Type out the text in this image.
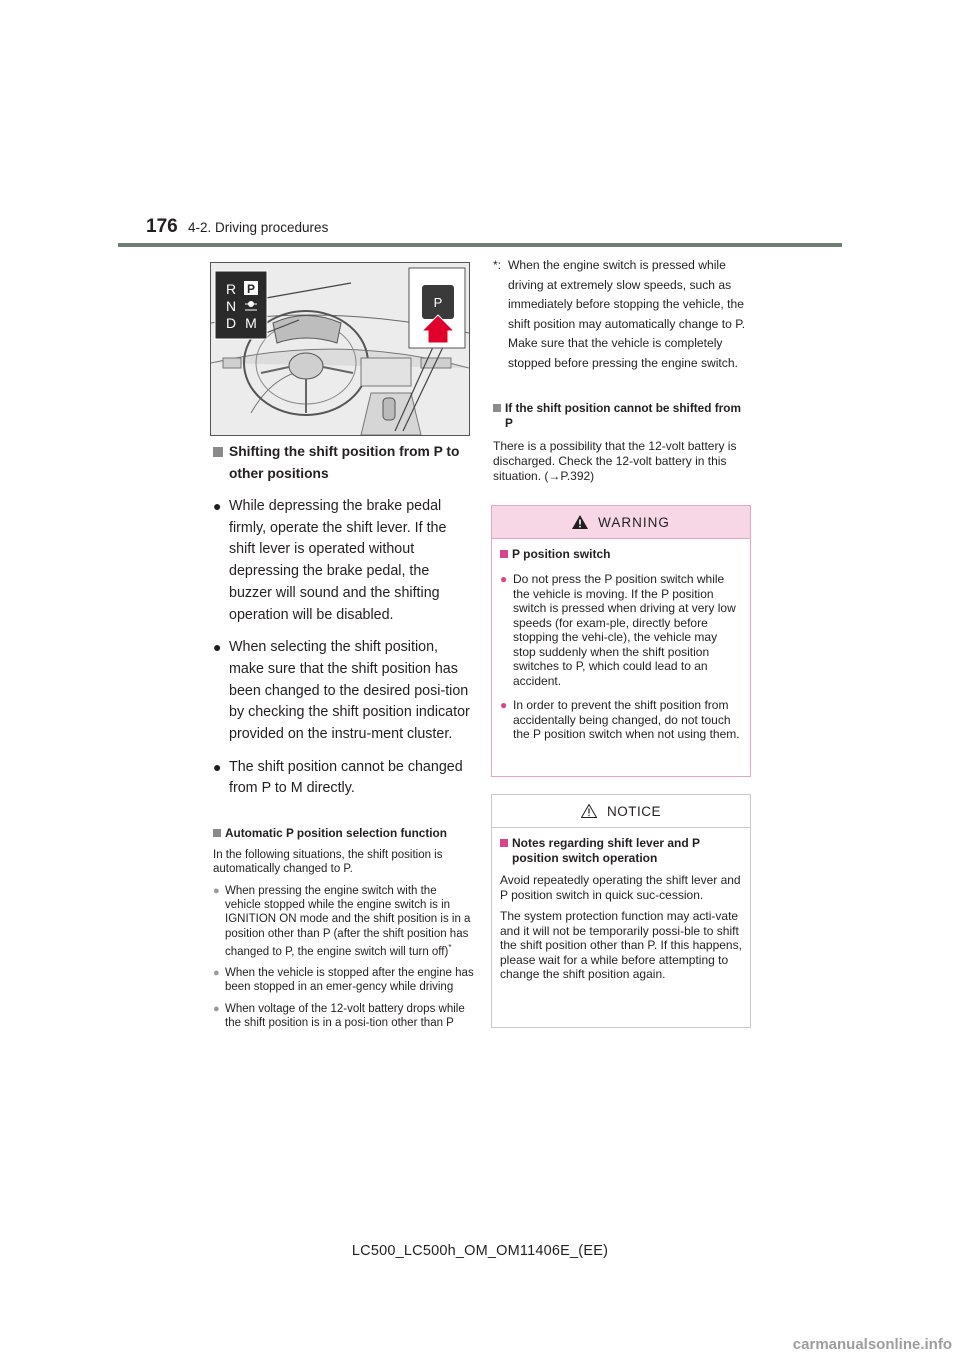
176 4-2. Driving procedures
R
N
D
P
M
P
Shifting the shift position from P to other positions
● While depressing the brake pedal firmly, operate the shift lever. If the shift lever is operated without depressing the brake pedal, the buzzer will sound and the shifting operation will be disabled.
● When selecting the shift position, make sure that the shift position has been changed to the desired posi-tion by checking the shift position indicator provided on the instru-ment cluster.
● The shift position cannot be changed from P to M directly.
Automatic P position selection function
In the following situations, the shift position is automatically changed to P.
● When pressing the engine switch with the vehicle stopped while the engine switch is in IGNITION ON mode and the shift position is in a position other than P (after the shift position has changed to P, the engine switch will turn off)*
● When the vehicle is stopped after the engine has been stopped in an emer-gency while driving
● When voltage of the 12-volt battery drops while the shift position is in a posi-tion other than P
*: When the engine switch is pressed while driving at extremely slow speeds, such as immediately before stopping the vehicle, the shift position may automatically change to P. Make sure that the vehicle is completely stopped before pressing the engine switch.
If the shift position cannot be shifted from P
There is a possibility that the 12-volt battery is discharged. Check the 12-volt battery in this situation. (→P.392)
WARNING
P position switch
● Do not press the P position switch while the vehicle is moving. If the P position switch is pressed when driving at very low speeds (for exam-ple, directly before stopping the vehi-cle), the vehicle may stop suddenly when the shift position switches to P, which could lead to an accident.
● In order to prevent the shift position from accidentally being changed, do not touch the P position switch when not using them.
NOTICE
Notes regarding shift lever and P position switch operation
Avoid repeatedly operating the shift lever and P position switch in quick suc-cession.
The system protection function may acti-vate and it will not be temporarily possi-ble to shift the shift position other than P. If this happens, please wait for a while before attempting to change the shift position again.
LC500_LC500h_OM_OM11406E_(EE)
carmanualsonline.info
